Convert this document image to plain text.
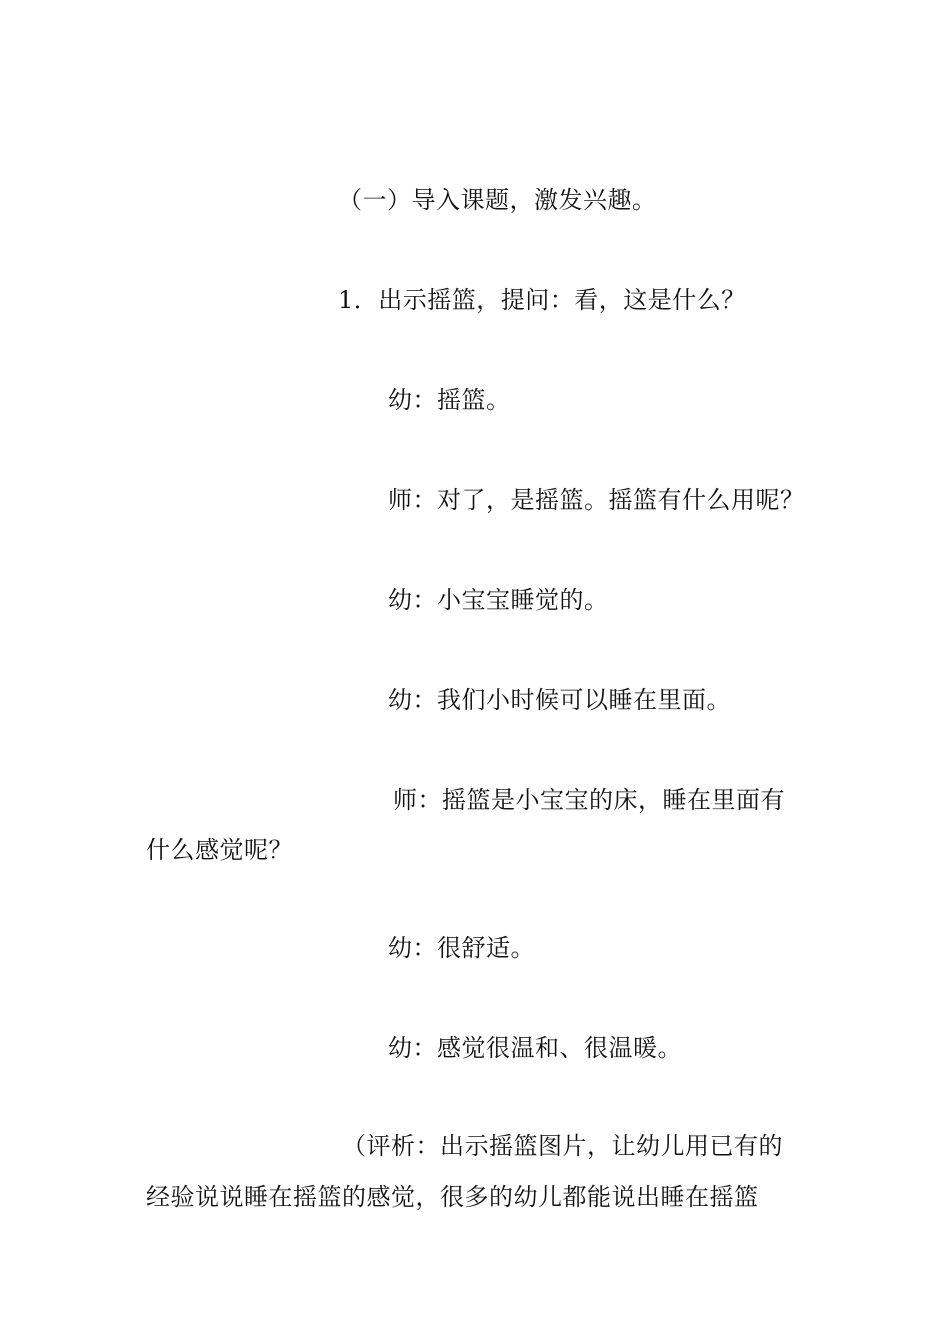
（一）导入课题，激发兴趣。
1．出示摇篮，提问：看，这是什么？
幼：摇篮。
师：对了，是摇篮。摇篮有什么用呢？
幼：小宝宝睡觉的。
幼：我们小时候可以睡在里面。
师：摇篮是小宝宝的床，睡在里面有
什么感觉呢？
幼：很舒适。
幼：感觉很温和、很温暖。
（评析：出示摇篮图片，让幼儿用已有的
经验说说睡在摇篮的感觉，很多的幼儿都能说出睡在摇篮
